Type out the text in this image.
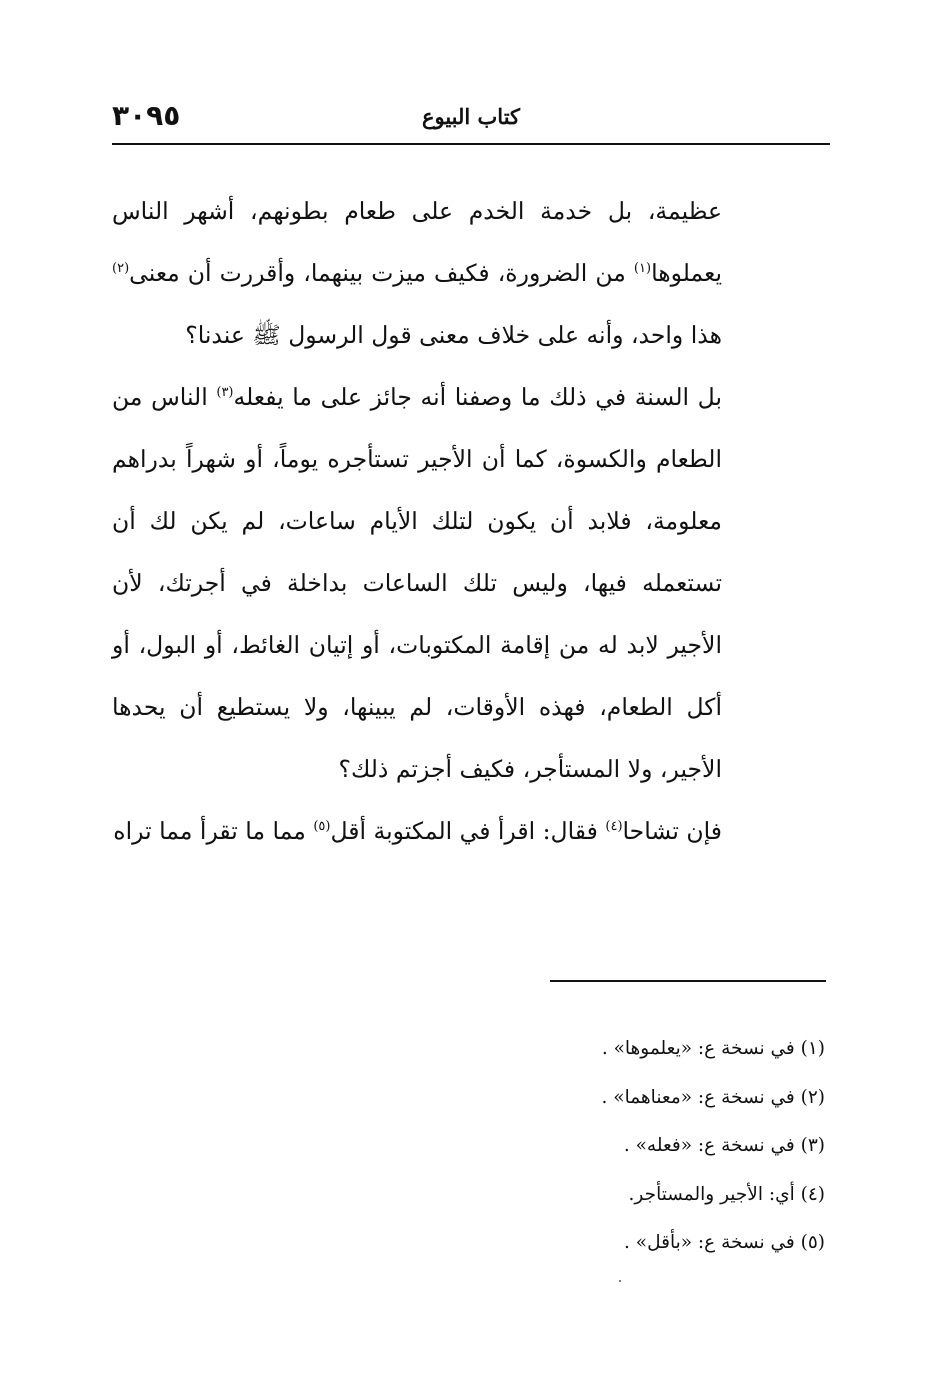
كتاب البيوع
٣٠٩٥

عظيمة، بل خدمة الخدم على طعام بطونهم، أشهر الناس يعملوها$^{(١)}$ من الضرورة، فكيف ميزت بينهما، وأقررت أن معنى$^{(٢)}$ هذا واحد، وأنه على خلاف معنى قول الرسول ﷺ عندنا؟

بل السنة في ذلك ما وصفنا أنه جائز على ما يفعله$^{(٣)}$ الناس من الطعام والكسوة، كما أن الأجير تستأجره يوماً، أو شهراً بدراهم معلومة، فلابد أن يكون لتلك الأيام ساعات، لم يكن لك أن تستعمله فيها، وليس تلك الساعات بداخلة في أجرتك، لأن الأجير لابد له من إقامة المكتوبات، أو إتيان الغائط، أو البول، أو أكل الطعام، فهذه الأوقات، لم يبينها، ولا يستطيع أن يحدها الأجير، ولا المستأجر، فكيف أجزتم ذلك؟

فإن تشاحا$^{(٤)}$ فقال: اقرأ في المكتوبة أقل$^{(٥)}$ مما ما تقرأ مما تراه

(١) في نسخة ع: «يعلموها» .
(٢) في نسخة ع: «معناهما» .
(٣) في نسخة ع: «فعله» .
(٤) أي: الأجير والمستأجر.
(٥) في نسخة ع: «بأقل» .
